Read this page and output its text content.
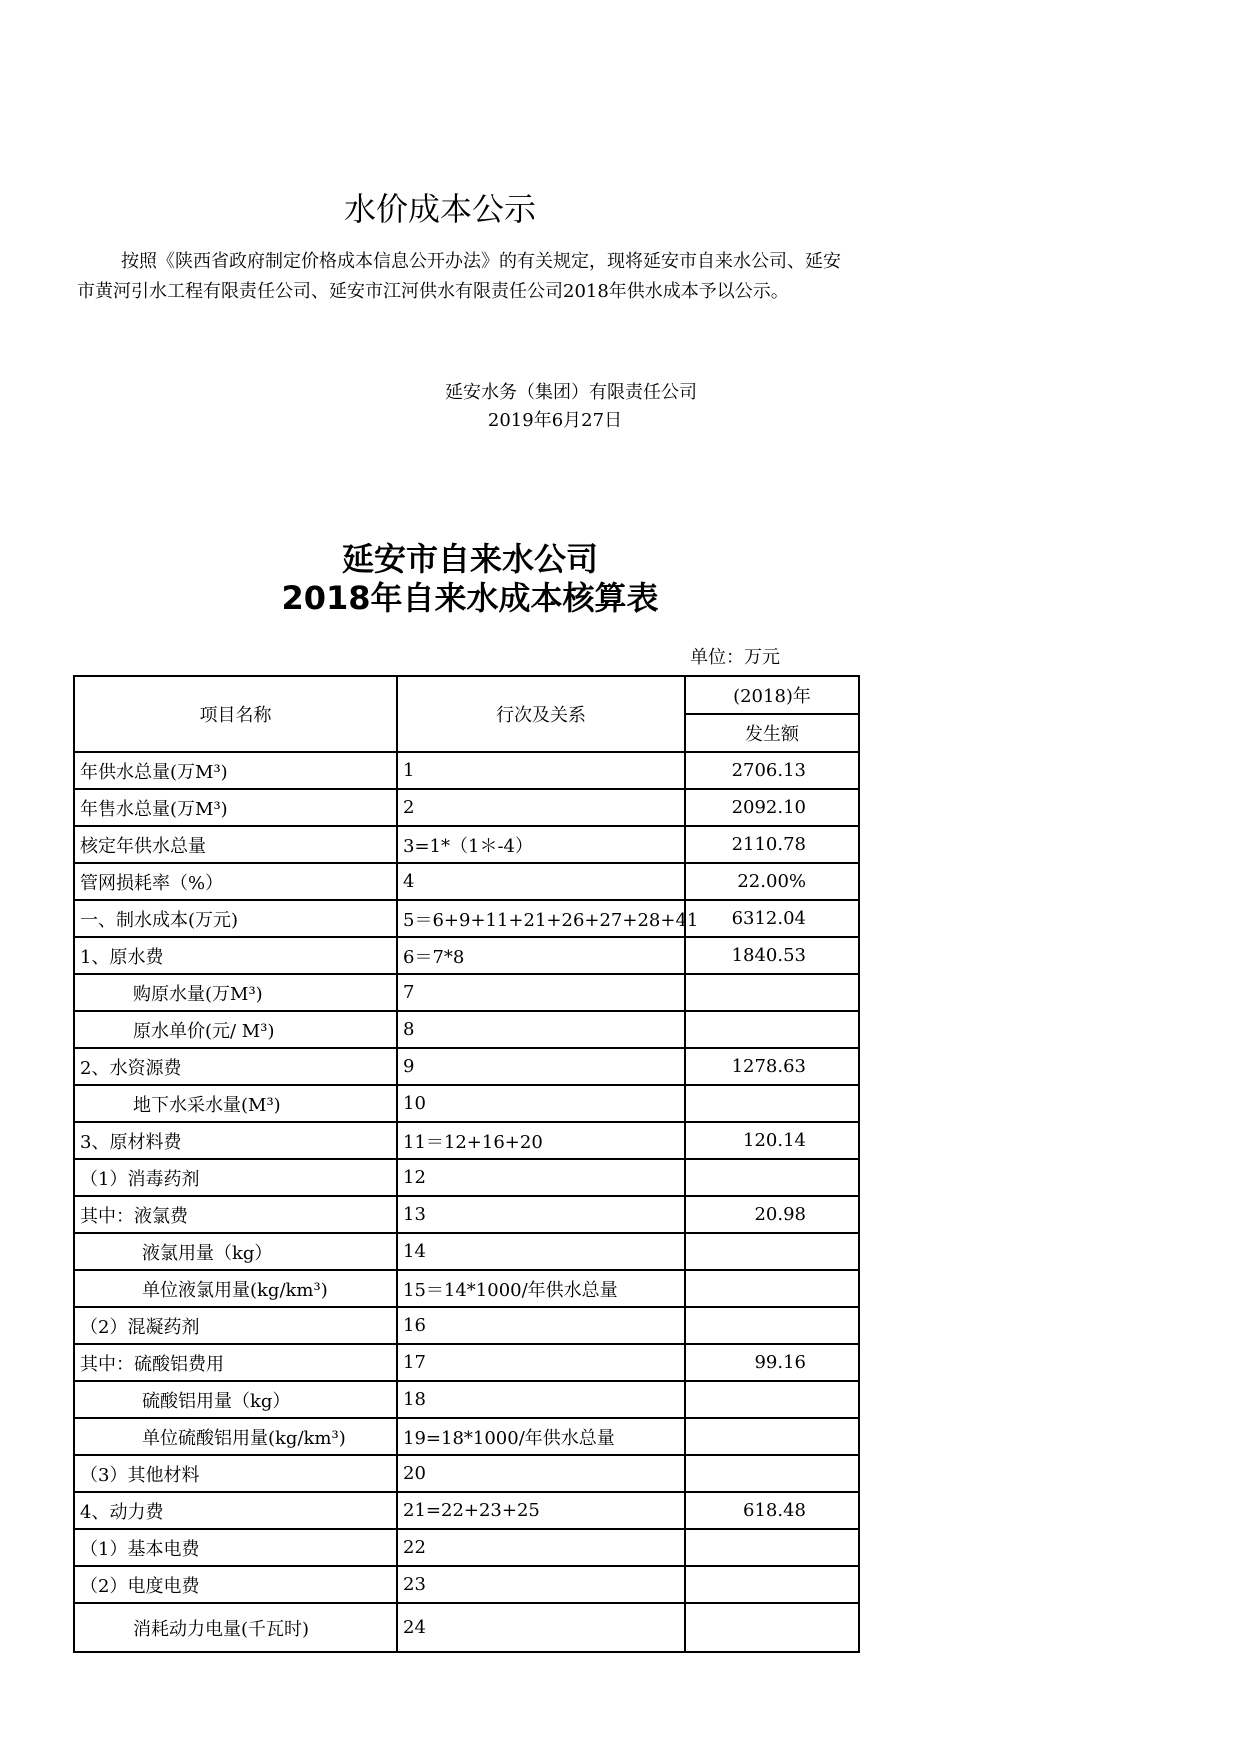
水价成本公示
按照《陕西省政府制定价格成本信息公开办法》的有关规定，现将延安市自来水公司、延安市黄河引水工程有限责任公司、延安市江河供水有限责任公司2018年供水成本予以公示。
延安水务（集团）有限责任公司
2019年6月27日
延安市自来水公司
2018年自来水成本核算表
单位：万元
项目名称	行次及关系	(2018)年
		发生额
年供水总量(万M³)	1	2706.13
年售水总量(万M³)	2	2092.10
核定年供水总量	3=1*（1＊-4）	2110.78
管网损耗率（%）	4	22.00%
一、制水成本(万元)	5＝6+9+11+21+26+27+28+41	6312.04
1、原水费	6＝7*8	1840.53
购原水量(万M³)	7	
原水单价(元/ M³)	8	
2、水资源费	9	1278.63
地下水采水量(M³)	10	
3、原材料费	11＝12+16+20	120.14
（1）消毒药剂	12	
其中：液氯费	13	20.98
液氯用量（kg）	14	
单位液氯用量(kg/km³)	15＝14*1000/年供水总量	
（2）混凝药剂	16	
其中：硫酸铝费用	17	99.16
硫酸铝用量（kg）	18	
单位硫酸铝用量(kg/km³)	19=18*1000/年供水总量	
（3）其他材料	20	
4、动力费	21=22+23+25	618.48
（1）基本电费	22	
（2）电度电费	23	
消耗动力电量(千瓦时)	24	
